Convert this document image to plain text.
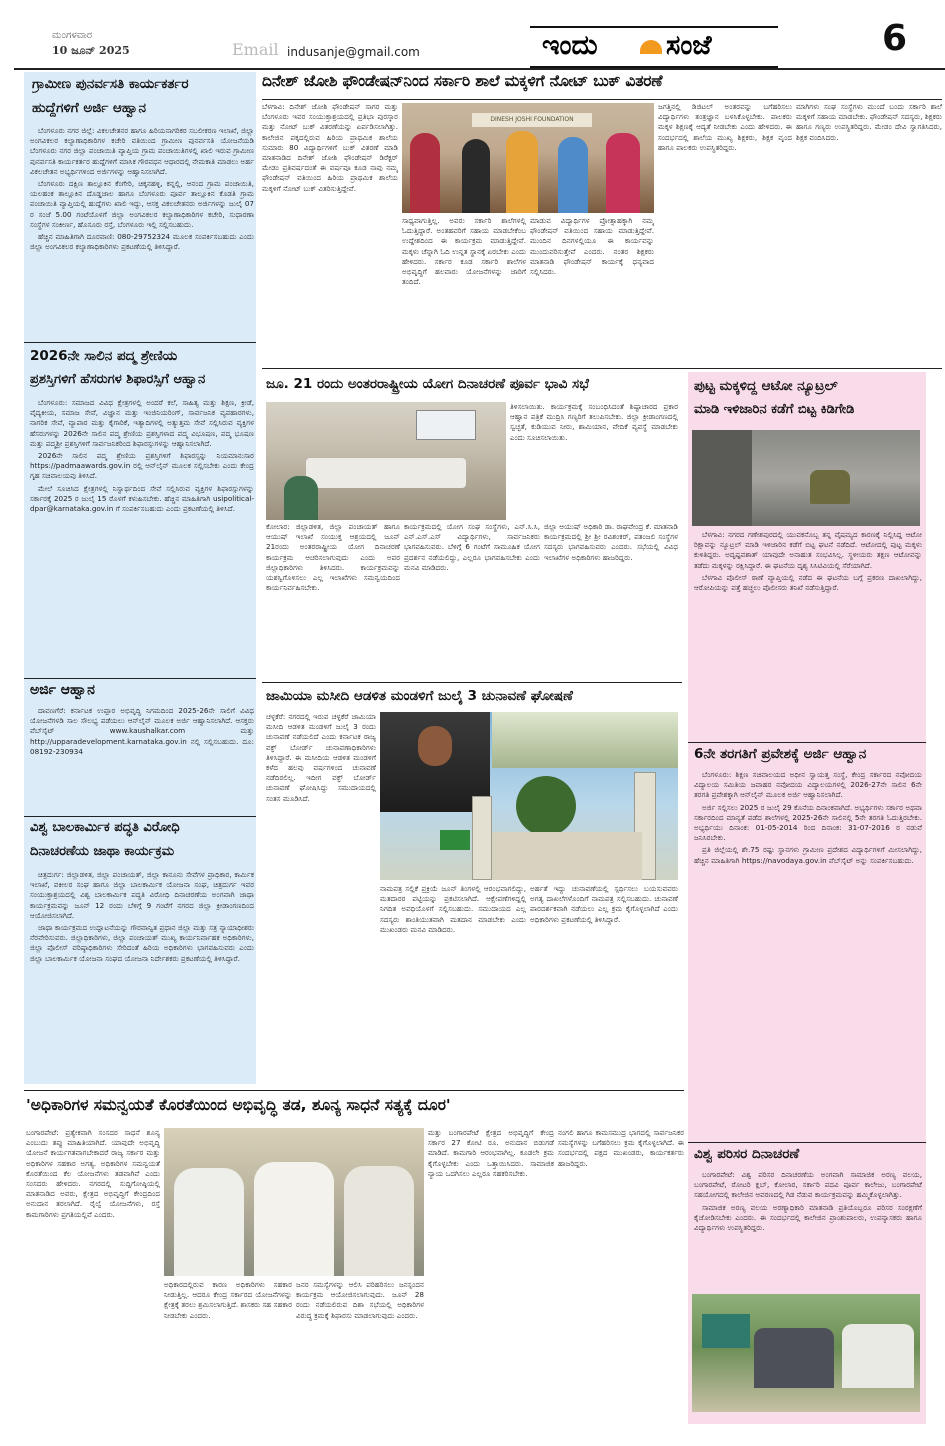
ಮಂಗಳವಾರ
10 ಜೂನ್ 2025	Email indusanje@gmail.com	ಇಂದು	ಸಂಜೆ	6
ಗ್ರಾಮೀಣ ಪುನರ್ವಸತಿ ಕಾರ್ಯಕರ್ತರ
ಹುದ್ದೆಗಳಿಗೆ ಅರ್ಜಿ ಆಹ್ವಾನ

ಬೆಂಗಳೂರು ನಗರ ಜಿಲ್ಲೆ: ವಿಕಲಚೇತನರ ಹಾಗೂ ಹಿರಿಯನಾಗರಿಕರ ಸಬಲೀಕರಣ ಇಲಾಖೆ, ಜಿಲ್ಲಾ ಅಂಗವಿಕಲರ ಕಲ್ಯಾಣಾಧಿಕಾರಿಗಳ ಕಚೇರಿ ವತಿಯಿಂದ ಗ್ರಾಮೀಣ ಪುನರ್ವಸತಿ ಯೋಜನೆಯಡಿ ಬೆಂಗಳೂರು ನಗರ ಜಿಲ್ಲಾ ಪಂಚಾಯಿತಿ ವ್ಯಾಪ್ತಿಯ ಗ್ರಾಮ ಪಂಚಾಯಿತಿಗಳಲ್ಲಿ ಖಾಲಿ ಇರುವ ಗ್ರಾಮೀಣ ಪುನರ್ವಸತಿ ಕಾರ್ಯಕರ್ತರ ಹುದ್ದೆಗಳಿಗೆ ಮಾಸಿಕ ಗೌರವಧನ ಆಧಾರದಲ್ಲಿ ನೇಮಕಾತಿ ಮಾಡಲು ಅರ್ಹ ವಿಕಲಚೇತನ ಅಭ್ಯರ್ಥಿಗಳಿಂದ ಅರ್ಜಿಗಳನ್ನು ಆಹ್ವಾನಿಸಲಾಗಿದೆ.

ಬೆಂಗಳೂರು ದಕ್ಷಿಣ ತಾಲ್ಲೂಕಿನ ಕೆಂಗೇರಿ, ಚಿಕ್ಕನಹಳ್ಳಿ, ಕನ್ನಲ್ಲಿ, ಆನಂದ ಗ್ರಾಮ ಪಂಚಾಯಿತಿ, ಯಲಹಂಕ ತಾಲ್ಲೂಕಿನ ದೊಡ್ಡಜಾಲ ಹಾಗೂ ಬೆಂಗಳೂರು ಪೂರ್ವ ತಾಲ್ಲೂಕಿನ ಕೊಡತಿ ಗ್ರಾಮ ಪಂಚಾಯಿತಿ ವ್ಯಾಪ್ತಿಯಲ್ಲಿ ಹುದ್ದೆಗಳು ಖಾಲಿ ಇದ್ದು, ಆಸಕ್ತ ವಿಕಲಚೇತನರು ಅರ್ಜಿಗಳನ್ನು ಜುಲೈ 07 ರ ಸಂಜೆ 5.00 ಗಂಟೆಯೊಳಗೆ ಜಿಲ್ಲಾ ಅಂಗವಿಕಲರ ಕಲ್ಯಾಣಾಧಿಕಾರಿಗಳ ಕಚೇರಿ, ಸುಧಾರಣಾ ಸಂಸ್ಥೆಗಳ ಸಂಕೀರ್ಣ, ಹೊಸೂರು ರಸ್ತೆ, ಬೆಂಗಳೂರು ಇಲ್ಲಿ ಸಲ್ಲಿಸಬಹುದು.

ಹೆಚ್ಚಿನ ಮಾಹಿತಿಗಾಗಿ ದೂರವಾಣಿ: 080-29752324 ಮೂಲಕ ಸಂಪರ್ಕಿಸಬಹುದು ಎಂದು ಜಿಲ್ಲಾ ಅಂಗವಿಕಲರ ಕಲ್ಯಾಣಾಧಿಕಾರಿಗಳು ಪ್ರಕಟಣೆಯಲ್ಲಿ ತಿಳಿಸಿದ್ದಾರೆ.

2026ನೇ ಸಾಲಿನ ಪದ್ಮ ಶ್ರೇಣಿಯ
ಪ್ರಶಸ್ತಿಗಳಿಗೆ ಹೆಸರುಗಳ ಶಿಫಾರಸ್ಸಿಗೆ ಆಹ್ವಾನ

ಬೆಂಗಳೂರು: ಸಮಾಜದ ವಿವಿಧ ಕ್ಷೇತ್ರಗಳಲ್ಲಿ ಅಂದರೆ ಕಲೆ, ಸಾಹಿತ್ಯ ಮತ್ತು ಶಿಕ್ಷಣ, ಕ್ರೀಡೆ, ವೈದ್ಯಕೀಯ, ಸಮಾಜ ಸೇವೆ, ವಿಜ್ಞಾನ ಮತ್ತು ಇಂಜಿನಿಯರಿಂಗ್, ಸಾರ್ವಜನಿಕ ವ್ಯವಹಾರಗಳು, ನಾಗರಿಕ ಸೇವೆ, ವ್ಯಾಪಾರ ಮತ್ತು ಕೈಗಾರಿಕೆ, ಇತ್ಯಾದಿಗಳಲ್ಲಿ ಅತ್ಯುತ್ತಮ ಸೇವೆ ಸಲ್ಲಿಸಿರುವ ವ್ಯಕ್ತಿಗಳ ಹೆಸರುಗಳನ್ನು 2026ನೇ ಸಾಲಿನ ಪದ್ಮ ಶ್ರೇಣಿಯ ಪ್ರಶಸ್ತಿಗಳಾದ ಪದ್ಮ ವಿಭೂಷಣ, ಪದ್ಮ ಭೂಷಣ ಮತ್ತು ಪದ್ಮಶ್ರೀ ಪ್ರಶಸ್ತಿಗಳಿಗೆ ಸಾರ್ವಜನಿಕರಿಂದ ಶಿಫಾರಸ್ಸುಗಳನ್ನು ಆಹ್ವಾನಿಸಲಾಗಿದೆ.

2026ನೇ ಸಾಲಿನ ಪದ್ಮ ಶ್ರೇಣಿಯ ಪ್ರಶಸ್ತಿಗಳಿಗೆ ಶಿಫಾರಸ್ಸನ್ನು ನಿಯಮಾನುಸಾರ https://padmaawards.gov.in ರಲ್ಲಿ ಆನ್‌ಲೈನ್ ಮೂಲಕ ಸಲ್ಲಿಸಬೇಕು ಎಂದು ಕೇಂದ್ರ ಗೃಹ ಸಚಿವಾಲಯವು ತಿಳಿಸಿದೆ.

ಮೇಲೆ ಸೂಚಿಸಿದ ಕ್ಷೇತ್ರಗಳಲ್ಲಿ ನಿಸ್ವಾರ್ಥದಿಂದ ಸೇವೆ ಸಲ್ಲಿಸಿರುವ ವ್ಯಕ್ತಿಗಳ ಶಿಫಾರಸ್ಸುಗಳನ್ನು ಸರ್ಕಾರಕ್ಕೆ 2025 ರ ಜುಲೈ 15 ರೊಳಗೆ ಕಳುಹಿಸಬೇಕು. ಹೆಚ್ಚಿನ ಮಾಹಿತಿಗಾಗಿ usipolitical-dpar@karnataka.gov.in ಗೆ ಸಂಪರ್ಕಿಸಬಹುದು ಎಂದು ಪ್ರಕಟಣೆಯಲ್ಲಿ ತಿಳಿಸಿದೆ.

ಅರ್ಜಿ ಆಹ್ವಾನ

ದಾವಣಗೆರೆ: ಕರ್ನಾಟಕ ಉಪ್ಪಾರ ಅಭಿವೃದ್ಧಿ ನಿಗಮದಿಂದ 2025-26ನೇ ಸಾಲಿಗೆ ವಿವಿಧ ಯೋಜನೆಗಳಡಿ ಸಾಲ ಸೌಲಭ್ಯ ಪಡೆಯಲು ಆನ್‌ಲೈನ್ ಮೂಲಕ ಅರ್ಜಿ ಆಹ್ವಾನಿಸಲಾಗಿದೆ. ಆಸಕ್ತರು ವೆಬ್‌ಸೈಟ್ www.kaushalkar.com ಮತ್ತು http://upparadevelopment.karnataka.gov.in ನಲ್ಲಿ ಸಲ್ಲಿಸಬಹುದು. ದೂ: 08192-230934

ವಿಶ್ವ ಬಾಲಕಾರ್ಮಿಕ ಪದ್ಧತಿ ವಿರೋಧಿ
ದಿನಾಚರಣೆಯ ಜಾಥಾ ಕಾರ್ಯಕ್ರಮ

ಚಿತ್ರದುರ್ಗ: ಜಿಲ್ಲಾಡಳಿತ, ಜಿಲ್ಲಾ ಪಂಚಾಯತ್, ಜಿಲ್ಲಾ ಕಾನೂನು ಸೇವೆಗಳ ಪ್ರಾಧಿಕಾರ, ಕಾರ್ಮಿಕ ಇಲಾಖೆ, ವಕೀಲರ ಸಂಘ ಹಾಗೂ ಜಿಲ್ಲಾ ಬಾಲಕಾರ್ಮಿಕ ಯೋಜನಾ ಸಂಘ, ಚಿತ್ರದುರ್ಗ ಇವರ ಸಂಯುಕ್ತಾಶ್ರಯದಲ್ಲಿ ವಿಶ್ವ ಬಾಲಕಾರ್ಮಿಕ ಪದ್ಧತಿ ವಿರೋಧಿ ದಿನಾಚರಣೆಯ ಅಂಗವಾಗಿ ಜಾಥಾ ಕಾರ್ಯಕ್ರಮವನ್ನು ಜೂನ್ 12 ರಂದು ಬೆಳಿಗ್ಗೆ 9 ಗಂಟೆಗೆ ನಗರದ ಜಿಲ್ಲಾ ಕ್ರೀಡಾಂಗಣದಿಂದ ಆಯೋಜಿಸಲಾಗಿದೆ.

ಜಾಥಾ ಕಾರ್ಯಕ್ರಮದ ಉದ್ಘಾಟನೆಯನ್ನು ಗೌರವಾನ್ವಿತ ಪ್ರಧಾನ ಜಿಲ್ಲಾ ಮತ್ತು ಸತ್ರ ನ್ಯಾಯಾಧೀಶರು ನೆರವೇರಿಸುವರು. ಜಿಲ್ಲಾಧಿಕಾರಿಗಳು, ಜಿಲ್ಲಾ ಪಂಚಾಯತ್ ಮುಖ್ಯ ಕಾರ್ಯನಿರ್ವಾಹಕ ಅಧಿಕಾರಿಗಳು, ಜಿಲ್ಲಾ ಪೊಲೀಸ್ ವರಿಷ್ಠಾಧಿಕಾರಿಗಳು ಸೇರಿದಂತೆ ಹಿರಿಯ ಅಧಿಕಾರಿಗಳು ಭಾಗವಹಿಸುವರು ಎಂದು ಜಿಲ್ಲಾ ಬಾಲಕಾರ್ಮಿಕ ಯೋಜನಾ ಸಂಘದ ಯೋಜನಾ ನಿರ್ದೇಶಕರು ಪ್ರಕಟಣೆಯಲ್ಲಿ ತಿಳಿಸಿದ್ದಾರೆ.

ದಿನೇಶ್ ಜೋಶಿ ಫೌಂಡೇಷನ್‌ನಿಂದ ಸರ್ಕಾರಿ ಶಾಲೆ ಮಕ್ಕಳಿಗೆ ನೋಟ್ ಬುಕ್ ವಿತರಣೆ
ಬೆಳಗಾವಿ: ದಿನೇಶ್ ಜೋಶಿ ಫೌಂಡೇಷನ್ ಸಾಗರ ಮತ್ತು ಬೆಂಗಳೂರು ಇವರ ಸಂಯುಕ್ತಾಶ್ರಯದಲ್ಲಿ ಪ್ರತಿಭಾ ಪುರಸ್ಕಾರ ಮತ್ತು ನೋಟ್ ಬುಕ್ ವಿತರಣೆಯನ್ನು ಏರ್ಪಡಿಸಲಾಗಿತ್ತು. ಕಾಲೇಜಿನ ಪಕ್ಕದಲ್ಲಿರುವ ಹಿರಿಯ ಪ್ರಾಥಮಿಕ ಶಾಲೆಯ ಸುಮಾರು 80 ವಿದ್ಯಾರ್ಥಿಗಳಿಗೆ ಬುಕ್ ವಿತರಣೆ ಮಾಡಿ ಮಾತನಾಡಿದ ದಿನೇಶ್ ಜೋಶಿ ಫೌಂಡೇಷನ್ ಡಿರೆಕ್ಟರ್ ಮೇಡಂ ಪ್ರತಿವರ್ಷದಂತೆ ಈ ವರ್ಷವೂ ಕೂಡ ನಾವು ನಮ್ಮ ಫೌಂಡೇಷನ್ ವತಿಯಿಂದ ಹಿರಿಯ ಪ್ರಾಥಮಿಕ ಶಾಲೆಯ ಮಕ್ಕಳಿಗೆ ನೋಟ್ ಬುಕ್ ವಿತರಿಸುತ್ತಿದ್ದೇವೆ.
DINESH JOSHI FOUNDATION
ಸಾಧ್ಯವಾಗುತ್ತಿಲ್ಲ. ಅವರು ಸರ್ಕಾರಿ ಶಾಲೆಗಳಲ್ಲಿ ಓದುತ್ತಿದ್ದಾರೆ. ಅಂತಹವರಿಗೆ ಸಹಾಯ ಮಾಡಬೇಕೆಂಬ ಉದ್ದೇಶದಿಂದ ಈ ಕಾರ್ಯಕ್ರಮ ಮಾಡುತ್ತಿದ್ದೇವೆ. ಮಕ್ಕಳು ಚೆನ್ನಾಗಿ ಓದಿ ಉನ್ನತ ಸ್ಥಾನಕ್ಕೆ ಏರಬೇಕು ಎಂದು ಹೇಳಿದರು. ಸರ್ಕಾರ ಕೂಡ ಸರ್ಕಾರಿ ಶಾಲೆಗಳ ಅಭಿವೃದ್ಧಿಗೆ ಹಲವಾರು ಯೋಜನೆಗಳನ್ನು ಜಾರಿಗೆ ತಂದಿದೆ.
ಮಾಡುವ ವಿದ್ಯಾರ್ಥಿಗಳ ಪ್ರೋತ್ಸಾಹಕ್ಕಾಗಿ ನಮ್ಮ ಫೌಂಡೇಷನ್ ವತಿಯಿಂದ ಸಹಾಯ ಮಾಡುತ್ತಿದ್ದೇವೆ. ಮುಂದಿನ ದಿನಗಳಲ್ಲಿಯೂ ಈ ಕಾರ್ಯವನ್ನು ಮುಂದುವರಿಸುತ್ತೇವೆ ಎಂದರು. ನಂತರ ಶಿಕ್ಷಕರು ಮಾತನಾಡಿ ಫೌಂಡೇಷನ್ ಕಾರ್ಯಕ್ಕೆ ಧನ್ಯವಾದ ಸಲ್ಲಿಸಿದರು.
ಜಗತ್ತಿನಲ್ಲಿ ಡಿಜಿಟಲ್ ಅಂತರವನ್ನು ಬಗೆಹರಿಸಲು ವಿದ್ಯಾರ್ಥಿಗಳು ತಂತ್ರಜ್ಞಾನ ಬಳಸಿಕೊಳ್ಳಬೇಕು. ಪಾಲಕರು ಮಕ್ಕಳ ಶಿಕ್ಷಣಕ್ಕೆ ಆದ್ಯತೆ ನೀಡಬೇಕು ಎಂದು ಹೇಳಿದರು. ಈ ಸಂದರ್ಭದಲ್ಲಿ ಶಾಲೆಯ ಮುಖ್ಯ ಶಿಕ್ಷಕರು, ಶಿಕ್ಷಕ ವೃಂದ ಹಾಗೂ ಪಾಲಕರು ಉಪಸ್ಥಿತರಿದ್ದರು.
ಮಾಗಿಗಳು ಸಂಘ ಸಂಸ್ಥೆಗಳು ಮುಂದೆ ಬಂದು ಸರ್ಕಾರಿ ಶಾಲೆ ಮಕ್ಕಳಿಗೆ ಸಹಾಯ ಮಾಡಬೇಕು. ಫೌಂಡೇಷನ್ ಸದಸ್ಯರು, ಶಿಕ್ಷಕರು ಹಾಗೂ ಗಣ್ಯರು ಉಪಸ್ಥಿತರಿದ್ದರು. ಮೇಡಂ ದೇವಿ ಸ್ವಾಗತಿಸಿದರು, ಶಿಕ್ಷಕ ವಂದಿಸಿದರು.
ಜೂ. 21 ರಂದು ಅಂತರರಾಷ್ಟ್ರೀಯ ಯೋಗ ದಿನಾಚರಣೆ ಪೂರ್ವ ಭಾವಿ ಸಭೆ
ತಿಳಿಸಲಾಯಿತು. ಕಾರ್ಯಕ್ರಮಕ್ಕೆ ಸಂಬಂಧಿಸಿದಂತೆ ಶಿಷ್ಟಾಚಾರದ ಪ್ರಕಾರ ಆಹ್ವಾನ ಪತ್ರಿಕೆ ಮುದ್ರಿಸಿ ಗಣ್ಯರಿಗೆ ತಲುಪಿಸಬೇಕು. ಜಿಲ್ಲಾ ಕ್ರೀಡಾಂಗಣದಲ್ಲಿ ಸ್ವಚ್ಛತೆ, ಕುಡಿಯುವ ನೀರು, ಶಾಮಿಯಾನ, ವೇದಿಕೆ ವ್ಯವಸ್ಥೆ ಮಾಡಬೇಕು ಎಂದು ಸೂಚಿಸಲಾಯಿತು.
ಕೋಲಾರ: ಜಿಲ್ಲಾಡಳಿತ, ಜಿಲ್ಲಾ ಪಂಚಾಯತ್ ಹಾಗೂ ಆಯುಷ್ ಇಲಾಖೆ ಸಂಯುಕ್ತ ಆಶ್ರಯದಲ್ಲಿ ಜೂನ್ 21ರಂದು ಅಂತರರಾಷ್ಟ್ರೀಯ ಯೋಗ ದಿನಾಚರಣೆ ಕಾರ್ಯಕ್ರಮ ಆಚರಿಸಲಾಗುವುದು ಎಂದು ಅಪರ ಜಿಲ್ಲಾಧಿಕಾರಿಗಳು ತಿಳಿಸಿದರು. ಕಾರ್ಯಕ್ರಮವನ್ನು ಯಶಸ್ವಿಗೊಳಿಸಲು ಎಲ್ಲ ಇಲಾಖೆಗಳು ಸಮನ್ವಯದಿಂದ ಕಾರ್ಯನಿರ್ವಹಿಸಬೇಕು.
ಕಾರ್ಯಕ್ರಮದಲ್ಲಿ ಯೋಗ ಸಂಘ ಸಂಸ್ಥೆಗಳು, ಎನ್.ಸಿ.ಸಿ, ಎನ್.ಎಸ್.ಎಸ್ ವಿದ್ಯಾರ್ಥಿಗಳು, ಸಾರ್ವಜನಿಕರು ಭಾಗವಹಿಸುವರು. ಬೆಳಿಗ್ಗೆ 6 ಗಂಟೆಗೆ ಸಾಮೂಹಿಕ ಯೋಗ ಪ್ರದರ್ಶನ ನಡೆಯಲಿದ್ದು, ಎಲ್ಲರೂ ಭಾಗವಹಿಸಬೇಕು ಎಂದು ಮನವಿ ಮಾಡಿದರು.
ಜಿಲ್ಲಾ ಆಯುಷ್ ಅಧಿಕಾರಿ ಡಾ. ರಾಘವೇಂದ್ರ ಕೆ. ಮಾತನಾಡಿ ಕಾರ್ಯಕ್ರಮದಲ್ಲಿ ಶ್ರೀ ಶ್ರೀ ರವಿಶಂಕರ್, ಪತಂಜಲಿ ಸಂಸ್ಥೆಗಳ ಸದಸ್ಯರು ಭಾಗವಹಿಸುವರು ಎಂದರು. ಸಭೆಯಲ್ಲಿ ವಿವಿಧ ಇಲಾಖೆಗಳ ಅಧಿಕಾರಿಗಳು ಹಾಜರಿದ್ದರು.
ಜಾಮಿಯಾ ಮಸೀದಿ ಆಡಳಿತ ಮಂಡಳಿಗೆ ಜುಲೈ 3 ಚುನಾವಣೆ ಘೋಷಣೆ
ಚಳ್ಳಕೆರೆ: ನಗರದಲ್ಲಿ ಇರುವ ಚಳ್ಳಕೆರೆ ಜಾಮಿಯಾ ಮಸೀದಿ ಆಡಳಿತ ಮಂಡಳಿಗೆ ಜುಲೈ 3 ರಂದು ಚುನಾವಣೆ ನಡೆಯಲಿದೆ ಎಂದು ಕರ್ನಾಟಕ ರಾಜ್ಯ ವಕ್ಫ್ ಬೋರ್ಡ್ ಚುನಾವಣಾಧಿಕಾರಿಗಳು ತಿಳಿಸಿದ್ದಾರೆ. ಈ ಮಸೀದಿಯ ಆಡಳಿತ ಮಂಡಳಿಗೆ ಕಳೆದ ಹಲವು ವರ್ಷಗಳಿಂದ ಚುನಾವಣೆ ನಡೆದಿರಲಿಲ್ಲ. ಇದೀಗ ವಕ್ಫ್ ಬೋರ್ಡ್ ಚುನಾವಣೆ ಘೋಷಿಸಿದ್ದು ಸಮುದಾಯದಲ್ಲಿ ಸಂತಸ ಮೂಡಿಸಿದೆ.
ನಾಮಪತ್ರ ಸಲ್ಲಿಕೆ ಪ್ರಕ್ರಿಯೆ ಜೂನ್ ತಿಂಗಳಲ್ಲಿ ಆರಂಭವಾಗಲಿದ್ದು, ಮತದಾರರ ಪಟ್ಟಿಯನ್ನು ಪ್ರಕಟಿಸಲಾಗಿದೆ. ಆಕ್ಷೇಪಣೆಗಳಿದ್ದಲ್ಲಿ ನಿಗದಿತ ಅವಧಿಯೊಳಗೆ ಸಲ್ಲಿಸಬಹುದು. ಸಮುದಾಯದ ಎಲ್ಲ ಸದಸ್ಯರು ಶಾಂತಿಯುತವಾಗಿ ಮತದಾನ ಮಾಡಬೇಕು ಎಂದು ಮುಖಂಡರು ಮನವಿ ಮಾಡಿದರು.
ಅರ್ಹತೆ ಇದ್ದು ಚುನಾವಣೆಯಲ್ಲಿ ಸ್ಪರ್ಧಿಸಲು ಬಯಸುವವರು ಅಗತ್ಯ ದಾಖಲೆಗಳೊಂದಿಗೆ ನಾಮಪತ್ರ ಸಲ್ಲಿಸಬಹುದು. ಚುನಾವಣೆ ಪಾರದರ್ಶಕವಾಗಿ ನಡೆಯಲು ಎಲ್ಲ ಕ್ರಮ ಕೈಗೊಳ್ಳಲಾಗಿದೆ ಎಂದು ಅಧಿಕಾರಿಗಳು ಪ್ರಕಟಣೆಯಲ್ಲಿ ತಿಳಿಸಿದ್ದಾರೆ.
ಪುಟ್ಟ ಮಕ್ಕಳಿದ್ದ ಆಟೋ ನ್ಯೂಟ್ರಲ್
ಮಾಡಿ ಇಳಿಜಾರಿನ ಕಡೆಗೆ ಬಿಟ್ಟ ಕಿಡಿಗೇಡಿ

ಬೆಳಗಾವಿ: ನಗರದ ಗಣೇಶಪುರದಲ್ಲಿ ಯುವಕನೊಬ್ಬ ತನ್ನ ವೈಷಮ್ಯದ ಕಾರಣಕ್ಕೆ ನಿಲ್ಲಿಸಿದ್ದ ಆಟೋ ರಿಕ್ಷಾವನ್ನು ನ್ಯೂಟ್ರಲ್ ಮಾಡಿ ಇಳಿಜಾರಿನ ಕಡೆಗೆ ಬಿಟ್ಟ ಘಟನೆ ನಡೆದಿದೆ. ಆಟೋದಲ್ಲಿ ಪುಟ್ಟ ಮಕ್ಕಳು ಕುಳಿತಿದ್ದರು. ಅದೃಷ್ಟವಶಾತ್ ಯಾವುದೇ ಅನಾಹುತ ಸಂಭವಿಸಿಲ್ಲ. ಸ್ಥಳೀಯರು ತಕ್ಷಣ ಆಟೋವನ್ನು ತಡೆದು ಮಕ್ಕಳನ್ನು ರಕ್ಷಿಸಿದ್ದಾರೆ. ಈ ಘಟನೆಯ ದೃಶ್ಯ ಸಿಸಿಟಿವಿಯಲ್ಲಿ ಸೆರೆಯಾಗಿದೆ.

ಬೆಳಗಾವಿ ಪೊಲೀಸ್ ಠಾಣೆ ವ್ಯಾಪ್ತಿಯಲ್ಲಿ ನಡೆದ ಈ ಘಟನೆಯ ಬಗ್ಗೆ ಪ್ರಕರಣ ದಾಖಲಾಗಿದ್ದು, ಆರೋಪಿಯನ್ನು ಪತ್ತೆ ಹಚ್ಚಲು ಪೊಲೀಸರು ತನಿಖೆ ನಡೆಸುತ್ತಿದ್ದಾರೆ.

6ನೇ ತರಗತಿಗೆ ಪ್ರವೇಶಕ್ಕೆ ಅರ್ಜಿ ಆಹ್ವಾನ

ಬೆಂಗಳೂರು: ಶಿಕ್ಷಣ ಸಚಿವಾಲಯದ ಅಧೀನ ಸ್ವಾಯತ್ತ ಸಂಸ್ಥೆ, ಕೇಂದ್ರ ಸರ್ಕಾರದ ನವೋದಯ ವಿದ್ಯಾಲಯ ಸಮಿತಿಯ ಜವಾಹರ ನವೋದಯ ವಿದ್ಯಾಲಯಗಳಲ್ಲಿ 2026-27ನೇ ಸಾಲಿನ 6ನೇ ತರಗತಿ ಪ್ರವೇಶಕ್ಕಾಗಿ ಆನ್‌ಲೈನ್ ಮೂಲಕ ಅರ್ಜಿ ಆಹ್ವಾನಿಸಲಾಗಿದೆ.

ಅರ್ಜಿ ಸಲ್ಲಿಸಲು 2025 ರ ಜುಲೈ 29 ಕೊನೆಯ ದಿನಾಂಕವಾಗಿದೆ. ಅಭ್ಯರ್ಥಿಗಳು ಸರ್ಕಾರ ಅಥವಾ ಸರ್ಕಾರದಿಂದ ಮಾನ್ಯತೆ ಪಡೆದ ಶಾಲೆಗಳಲ್ಲಿ 2025-26ನೇ ಸಾಲಿನಲ್ಲಿ 5ನೇ ತರಗತಿ ಓದುತ್ತಿರಬೇಕು. ಅಭ್ಯರ್ಥಿಯು ದಿನಾಂಕ: 01-05-2014 ರಿಂದ ದಿನಾಂಕ: 31-07-2016 ರ ನಡುವೆ ಜನಿಸಿರಬೇಕು.

ಪ್ರತಿ ಜಿಲ್ಲೆಯಲ್ಲಿ ಶೇ.75 ರಷ್ಟು ಸ್ಥಾನಗಳು ಗ್ರಾಮೀಣ ಪ್ರದೇಶದ ವಿದ್ಯಾರ್ಥಿಗಳಿಗೆ ಮೀಸಲಾಗಿದ್ದು, ಹೆಚ್ಚಿನ ಮಾಹಿತಿಗಾಗಿ https://navodaya.gov.in ವೆಬ್‌ಸೈಟ್ ಅನ್ನು ಸಂಪರ್ಕಿಸಬಹುದು.

ವಿಶ್ವ ಪರಿಸರ ದಿನಾಚರಣೆ

ಬಂಗಾರಪೇಟೆ: ವಿಶ್ವ ಪರಿಸರ ದಿನಾಚರಣೆಯ ಅಂಗವಾಗಿ ಸಾಮಾಜಿಕ ಅರಣ್ಯ ವಲಯ, ಬಂಗಾರಪೇಟೆ, ರೋಟರಿ ಕ್ಲಬ್, ಕೋಲಾರ, ಸರ್ಕಾರಿ ಪದವಿ ಪೂರ್ವ ಕಾಲೇಜು, ಬಂಗಾರಪೇಟೆ ಸಹಯೋಗದಲ್ಲಿ ಕಾಲೇಜಿನ ಆವರಣದಲ್ಲಿ ಗಿಡ ನೆಡುವ ಕಾರ್ಯಕ್ರಮವನ್ನು ಹಮ್ಮಿಕೊಳ್ಳಲಾಗಿತ್ತು.

ಸಾಮಾಜಿಕ ಅರಣ್ಯ ವಲಯ ಅರಣ್ಯಾಧಿಕಾರಿ ಮಾತನಾಡಿ ಪ್ರತಿಯೊಬ್ಬರೂ ಪರಿಸರ ಸಂರಕ್ಷಣೆಗೆ ಕೈಜೋಡಿಸಬೇಕು ಎಂದರು. ಈ ಸಂದರ್ಭದಲ್ಲಿ ಕಾಲೇಜಿನ ಪ್ರಾಂಶುಪಾಲರು, ಉಪನ್ಯಾಸಕರು ಹಾಗೂ ವಿದ್ಯಾರ್ಥಿಗಳು ಉಪಸ್ಥಿತರಿದ್ದರು.

'ಅಧಿಕಾರಿಗಳ ಸಮನ್ವಯತೆ ಕೊರತೆಯಿಂದ ಅಭಿವೃದ್ಧಿ ತಡ, ಶೂನ್ಯ ಸಾಧನೆ ಸತ್ಯಕ್ಕೆ ದೂರ'
ಬಂಗಾರಪೇಟೆ: ಪ್ರತ್ಯೇಕವಾಗಿ ಸಂಸದರ ಸಾಧನೆ ಶೂನ್ಯ ಎಂಬುದು ತಪ್ಪು ಮಾಹಿತಿಯಾಗಿದೆ. ಯಾವುದೇ ಅಭಿವೃದ್ಧಿ ಯೋಜನೆ ಕಾರ್ಯಗತವಾಗಬೇಕಾದರೆ ರಾಜ್ಯ ಸರ್ಕಾರ ಮತ್ತು ಅಧಿಕಾರಿಗಳ ಸಹಕಾರ ಅಗತ್ಯ. ಅಧಿಕಾರಿಗಳ ಸಮನ್ವಯತೆ ಕೊರತೆಯಿಂದ ಕೆಲ ಯೋಜನೆಗಳು ತಡವಾಗಿವೆ ಎಂದು ಸಂಸದರು ಹೇಳಿದರು. ನಗರದಲ್ಲಿ ಸುದ್ದಿಗೋಷ್ಠಿಯಲ್ಲಿ ಮಾತನಾಡಿದ ಅವರು, ಕ್ಷೇತ್ರದ ಅಭಿವೃದ್ಧಿಗೆ ಕೇಂದ್ರದಿಂದ ಅನುದಾನ ತರಲಾಗಿದೆ. ರೈಲ್ವೆ ಯೋಜನೆಗಳು, ರಸ್ತೆ ಕಾಮಗಾರಿಗಳು ಪ್ರಗತಿಯಲ್ಲಿವೆ ಎಂದರು.
ಅಧಿಕಾರದಲ್ಲಿರುವ ಕಾರಣ ಅಧಿಕಾರಿಗಳು ಸಹಕಾರ ನೀಡುತ್ತಿಲ್ಲ. ಆದರೂ ಕೇಂದ್ರ ಸರ್ಕಾರದ ಯೋಜನೆಗಳನ್ನು ಕ್ಷೇತ್ರಕ್ಕೆ ತರಲು ಶ್ರಮಿಸಲಾಗುತ್ತಿದೆ. ಶಾಸಕರು ಸಹ ಸಹಕಾರ ನೀಡಬೇಕು ಎಂದರು.
ಜನರ ಸಮಸ್ಯೆಗಳನ್ನು ಆಲಿಸಿ ಪರಿಹರಿಸಲು ಜನಸ್ಪಂದನ ಕಾರ್ಯಕ್ರಮ ಆಯೋಜಿಸಲಾಗುವುದು. ಜೂನ್ 28 ರಂದು ನಡೆಯಲಿರುವ ದಿಶಾ ಸಭೆಯಲ್ಲಿ ಅಧಿಕಾರಿಗಳ ವಿರುದ್ಧ ಕ್ರಮಕ್ಕೆ ಶಿಫಾರಸು ಮಾಡಲಾಗುವುದು ಎಂದರು.
ಮತ್ತು ಬಂಗಾರಪೇಟೆ ಕ್ಷೇತ್ರದ ಅಭಿವೃದ್ಧಿಗೆ ಕೇಂದ್ರ ಸರ್ಕಾರ 27 ಕೋಟಿ ರೂ. ಅನುದಾನ ಬಿಡುಗಡೆ ಮಾಡಿದೆ. ಕಾಮಗಾರಿ ಆರಂಭವಾಗಿಲ್ಲ. ಕೂಡಲೇ ಕ್ರಮ ಕೈಗೊಳ್ಳಬೇಕು ಎಂದು ಒತ್ತಾಯಿಸಿದರು. ಸಾಮಾಜಿಕ ನ್ಯಾಯ ಒದಗಿಸಲು ಎಲ್ಲರೂ ಸಹಕರಿಸಬೇಕು.
ನಂಗಲಿ ಹಾಗೂ ಕಾಮಸಮುದ್ರ ಭಾಗದಲ್ಲಿ ಸಾರ್ವಜನಿಕರ ಸಮಸ್ಯೆಗಳನ್ನು ಬಗೆಹರಿಸಲು ಕ್ರಮ ಕೈಗೊಳ್ಳಲಾಗಿದೆ. ಈ ಸಂದರ್ಭದಲ್ಲಿ ಪಕ್ಷದ ಮುಖಂಡರು, ಕಾರ್ಯಕರ್ತರು ಹಾಜರಿದ್ದರು.
